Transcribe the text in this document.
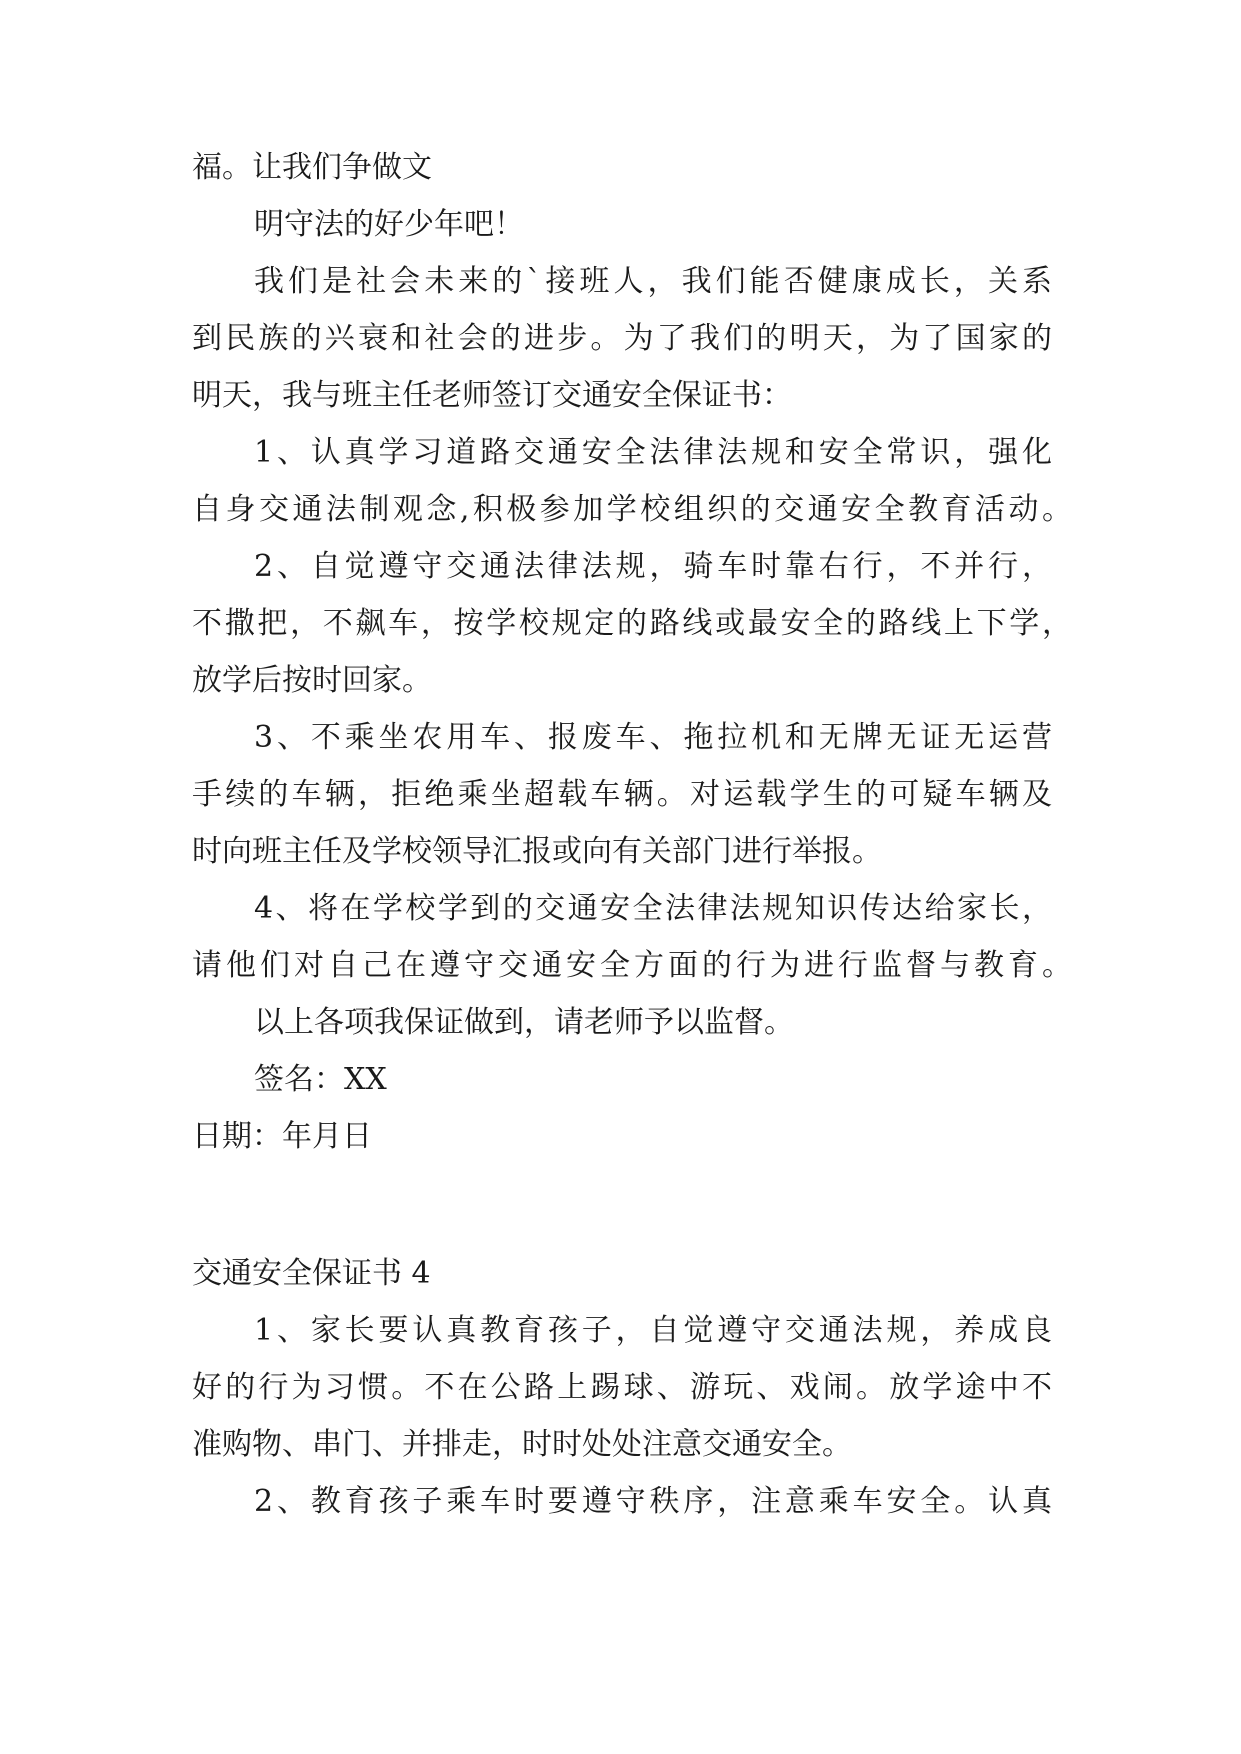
福。让我们争做文
明守法的好少年吧！
我们是社会未来的`接班人，我们能否健康成长，关系
到民族的兴衰和社会的进步。为了我们的明天，为了国家的
明天，我与班主任老师签订交通安全保证书：
1、认真学习道路交通安全法律法规和安全常识，强化
自身交通法制观念,积极参加学校组织的交通安全教育活动。
2、自觉遵守交通法律法规，骑车时靠右行，不并行，
不撒把，不飙车，按学校规定的路线或最安全的路线上下学，
放学后按时回家。
3、不乘坐农用车、报废车、拖拉机和无牌无证无运营
手续的车辆，拒绝乘坐超载车辆。对运载学生的可疑车辆及
时向班主任及学校领导汇报或向有关部门进行举报。
4、将在学校学到的交通安全法律法规知识传达给家长，
请他们对自己在遵守交通安全方面的行为进行监督与教育。
以上各项我保证做到，请老师予以监督。
签名：XX
日期：年月日
交通安全保证书 4
1、家长要认真教育孩子，自觉遵守交通法规，养成良
好的行为习惯。不在公路上踢球、游玩、戏闹。放学途中不
准购物、串门、并排走，时时处处注意交通安全。
2、教育孩子乘车时要遵守秩序，注意乘车安全。认真
